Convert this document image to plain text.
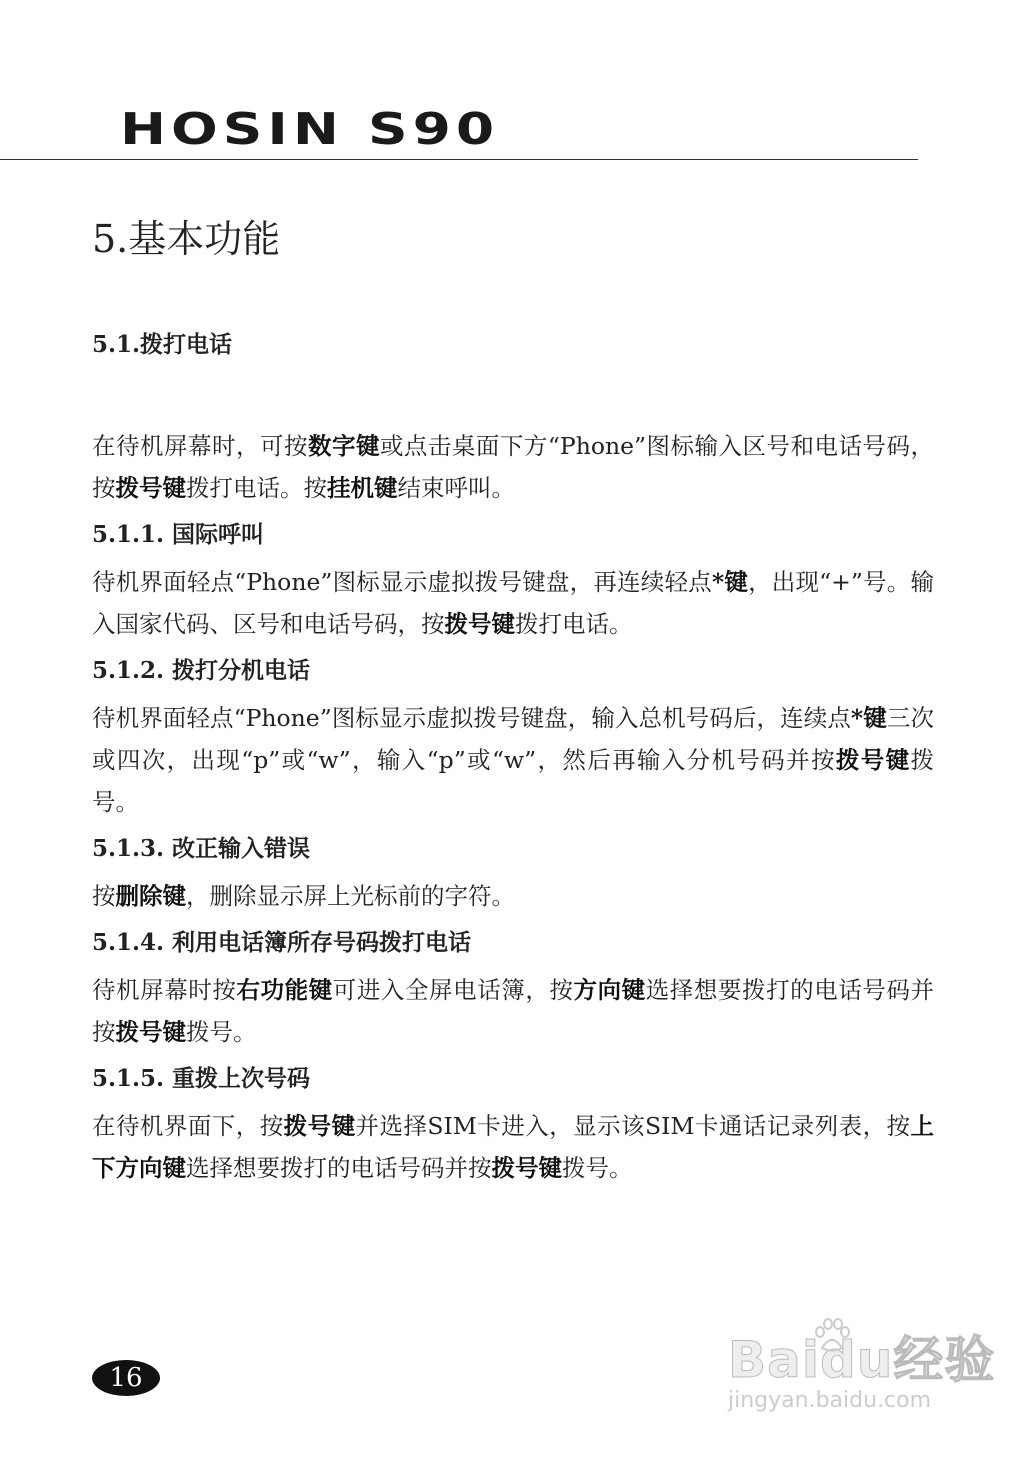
HOSIN S90
5.基本功能
5.1.拨打电话
在待机屏幕时，可按数字键或点击桌面下方“Phone”图标输入区号和电话号码，按拨号键拨打电话。按挂机键结束呼叫。
5.1.1. 国际呼叫
待机界面轻点“Phone”图标显示虚拟拨号键盘，再连续轻点*键，出现“+”号。输入国家代码、区号和电话号码，按拨号键拨打电话。
5.1.2. 拨打分机电话
待机界面轻点“Phone”图标显示虚拟拨号键盘，输入总机号码后，连续点*键三次或四次，出现“p”或“w”，输入“p”或“w”，然后再输入分机号码并按拨号键拨号。
5.1.3. 改正输入错误
按删除键，删除显示屏上光标前的字符。
5.1.4. 利用电话簿所存号码拨打电话
待机屏幕时按右功能键可进入全屏电话簿，按方向键选择想要拨打的电话号码并按拨号键拨号。
5.1.5. 重拨上次号码
在待机界面下，按拨号键并选择SIM卡进入，显示该SIM卡通话记录列表，按上下方向键选择想要拨打的电话号码并按拨号键拨号。
16	Baidu经验
jingyan.baidu.com
